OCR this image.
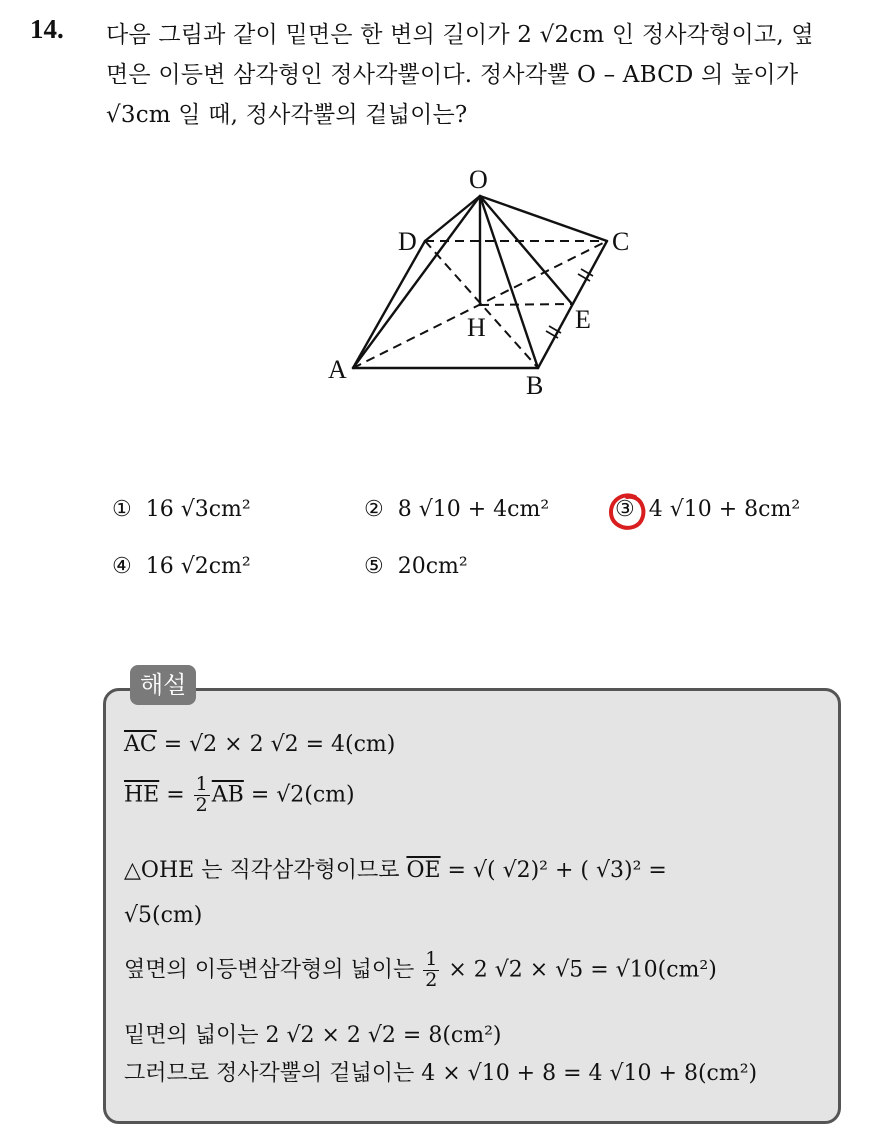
14. 다음 그림과 같이 밑면은 한 변의 길이가 2 √2cm 인 정사각형이고, 옆
면은 이등변 삼각형인 정사각뿔이다. 정사각뿔 O – ABCD 의 높이가
√3cm 일 때, 정사각뿔의 겉넓이는?
O
D	C
E
H
A
B
① 16 √3cm²	② 8 √10 + 4cm²	③ 4 √10 + 8cm²
④ 16 √2cm²	⑤ 20cm²
해설
$\overline{AC} = √2 \times 2$ √2 = 4(cm)
$\overline{HE} = \frac{1}{2} \overline{AB} = √2(cm)$
△OHE 는 직각삼각형이므로 $\overline{OE}$ = √( √2)² + ( √3)² =
√5(cm)
옆면의 이등변삼각형의 넓이는 $\frac{1}{2} \times 2$ √2 × √5 = √10(cm²)
밑면의 넓이는 2 √2 × 2 √2 = 8(cm²)
그러므로 정사각뿔의 겉넓이는 4 × √10 + 8 = 4 √10 + 8(cm²)
